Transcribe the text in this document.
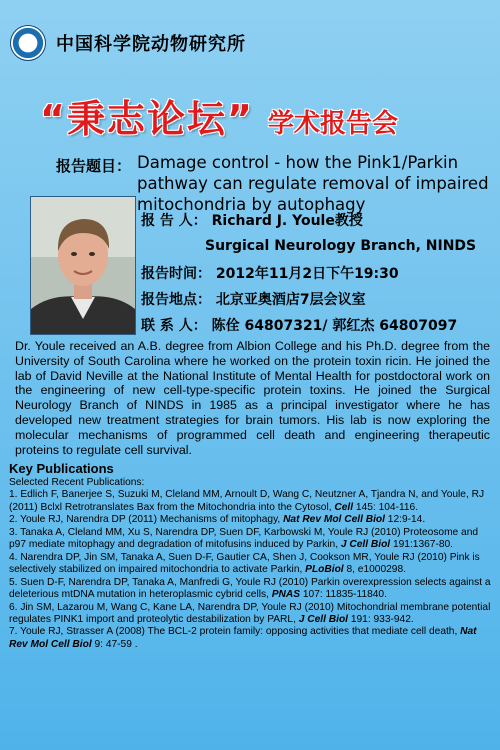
中国科学院动物研究所
“秉志论坛” 学术报告会
报告题目： Damage control - how the Pink1/Parkin
pathway can regulate removal of impaired
mitochondria by autophagy
报 告 人： Richard J. Youle教授
Surgical Neurology Branch, NINDS
报告时间： 2012年11月2日下午19:30
报告地点： 北京亚奥酒店7层会议室
联 系 人： 陈佺 64807321/ 郭红杰 64807097
Dr. Youle received an A.B. degree from Albion College and his Ph.D. degree from the University of South Carolina where he worked on the protein toxin ricin. He joined the lab of David Neville at the National Institute of Mental Health for postdoctoral work on the engineering of new cell-type-specific protein toxins. He joined the Surgical Neurology Branch of NINDS in 1985 as a principal investigator where he has developed new treatment strategies for brain tumors. His lab is now exploring the molecular mechanisms of programmed cell death and engineering therapeutic proteins to regulate cell survival.
Key Publications
Selected Recent Publications:

1. Edlich F, Banerjee S, Suzuki M, Cleland MM, Arnoult D, Wang C, Neutzner A, Tjandra N, and Youle, RJ (2011) Bclxl Retrotranslates Bax from the Mitochondria into the Cytosol, Cell 145: 104-116.

2. Youle RJ, Narendra DP (2011) Mechanisms of mitophagy, Nat Rev Mol Cell Biol 12:9-14.

3. Tanaka A, Cleland MM, Xu S, Narendra DP, Suen DF, Karbowski M, Youle RJ (2010) Proteosome and p97 mediate mitophagy and degradation of mitofusins induced by Parkin, J Cell Biol 191:1367-80.

4. Narendra DP, Jin SM, Tanaka A, Suen D-F, Gautier CA, Shen J, Cookson MR, Youle RJ (2010) Pink is selectively stabilized on impaired mitochondria to activate Parkin, PLoBiol 8, e1000298.

5. Suen D-F, Narendra DP, Tanaka A, Manfredi G, Youle RJ (2010) Parkin overexpression selects against a deleterious mtDNA mutation in heteroplasmic cybrid cells, PNAS 107: 11835-11840.

6. Jin SM, Lazarou M, Wang C, Kane LA, Narendra DP, Youle RJ (2010) Mitochondrial membrane potential regulates PINK1 import and proteolytic destabilization by PARL, J Cell Biol 191: 933-942.

7. Youle RJ, Strasser A (2008) The BCL-2 protein family: opposing activities that mediate cell death, Nat Rev Mol Cell Biol 9: 47-59 .
